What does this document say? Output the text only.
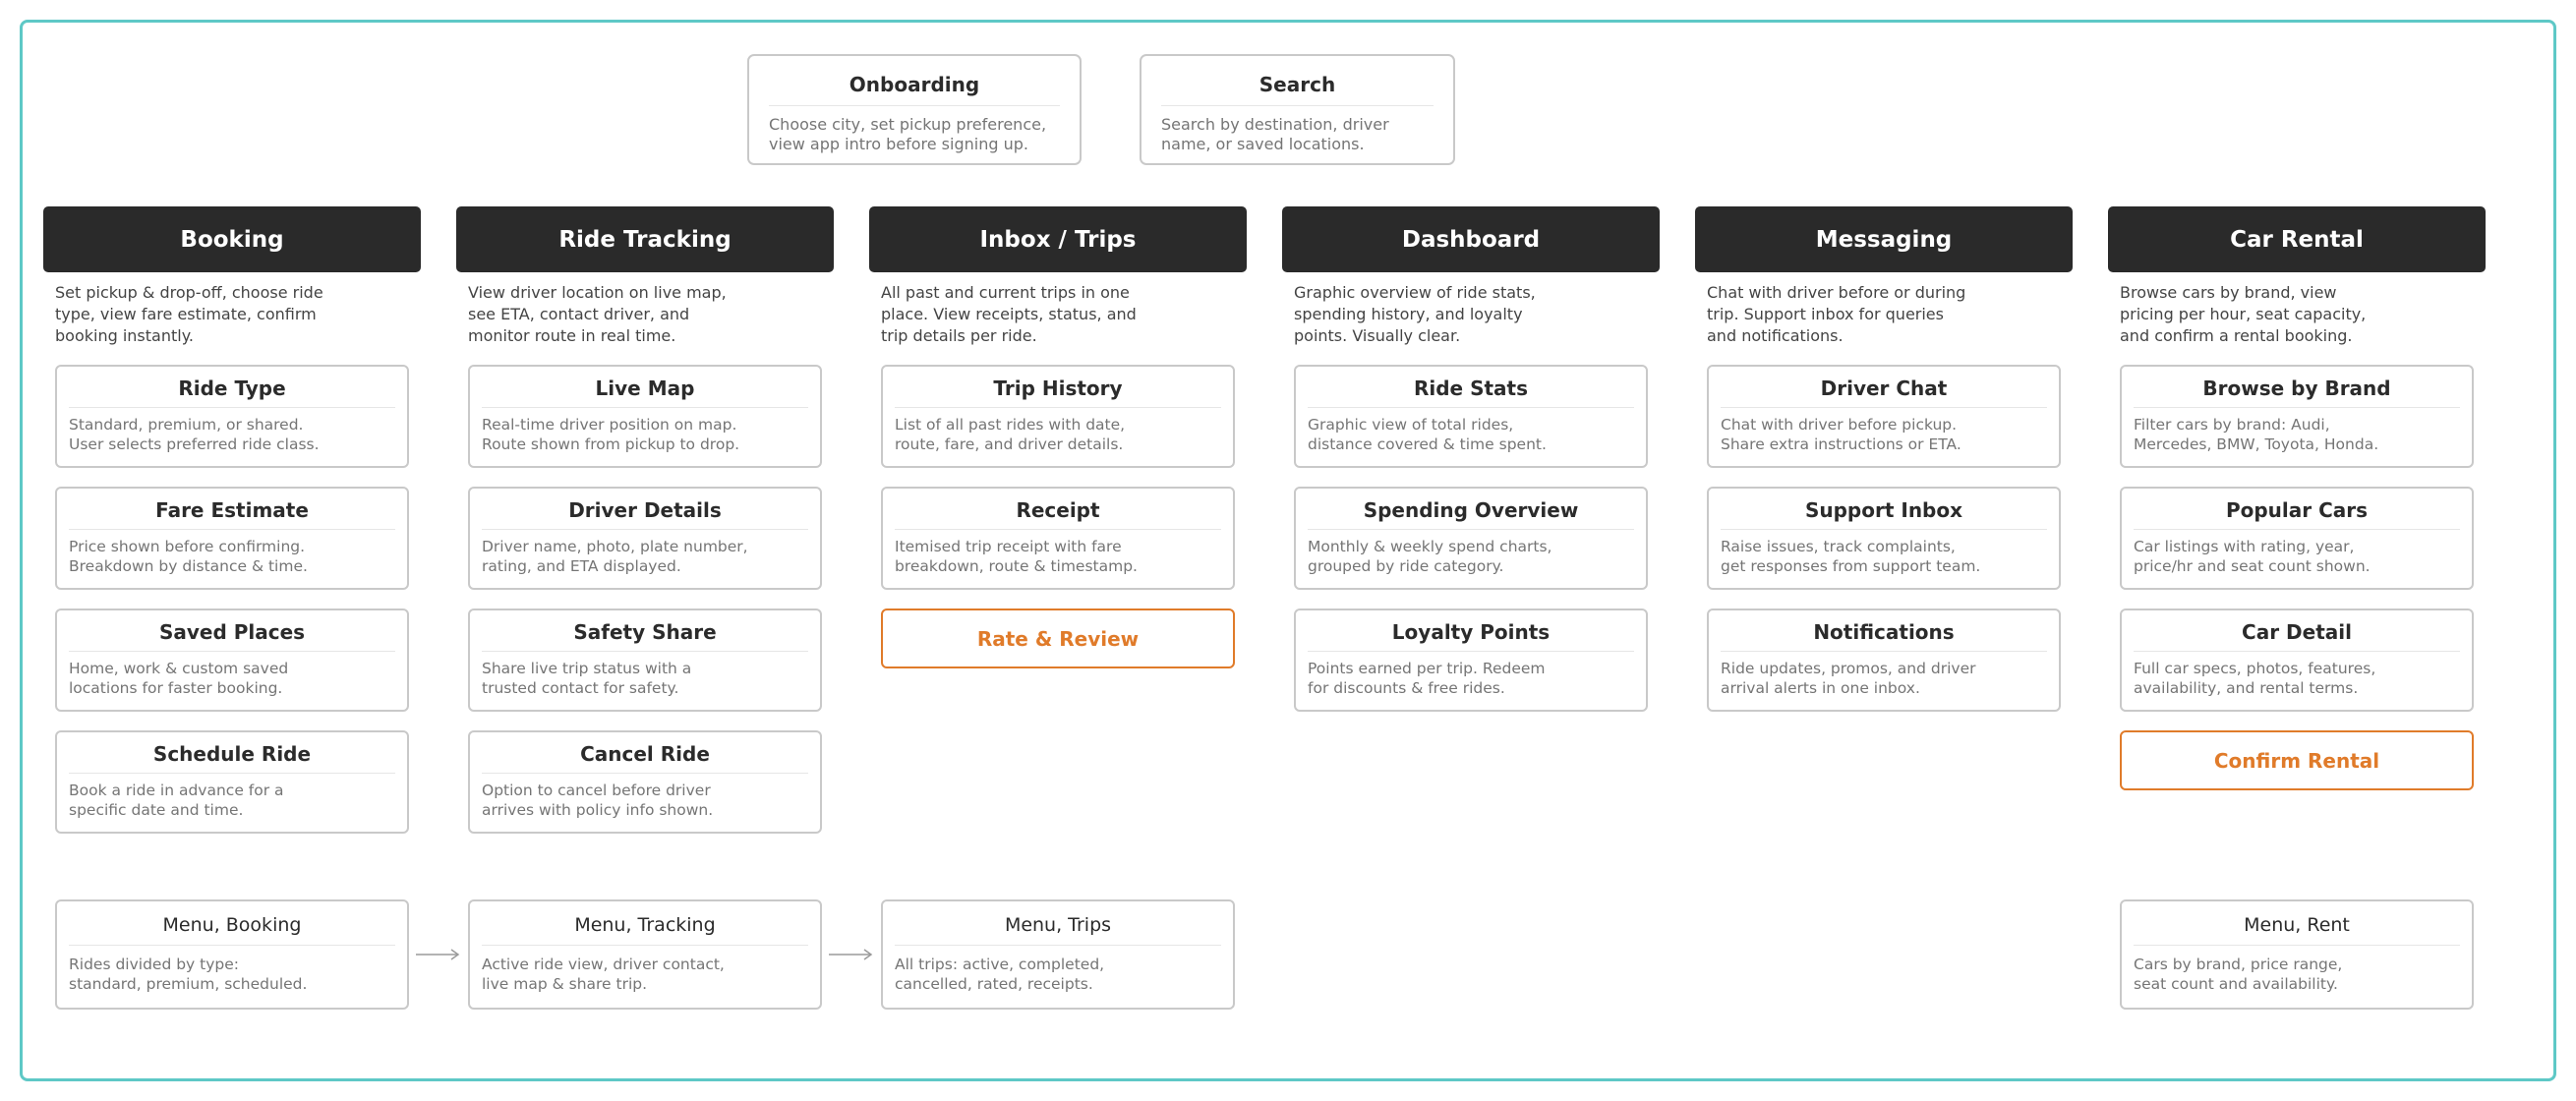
Onboarding
Choose city, set pickup preference,
view app intro before signing up.
Search
Search by destination, driver
name, or saved locations.
Booking
Set pickup & drop-off, choose ride
type, view fare estimate, confirm
booking instantly.
Ride Type
Standard, premium, or shared.
User selects preferred ride class.
Fare Estimate
Price shown before confirming.
Breakdown by distance & time.
Saved Places
Home, work & custom saved
locations for faster booking.
Schedule Ride
Book a ride in advance for a
specific date and time.
Ride Tracking
View driver location on live map,
see ETA, contact driver, and
monitor route in real time.
Live Map
Real-time driver position on map.
Route shown from pickup to drop.
Driver Details
Driver name, photo, plate number,
rating, and ETA displayed.
Safety Share
Share live trip status with a
trusted contact for safety.
Cancel Ride
Option to cancel before driver
arrives with policy info shown.
Inbox / Trips
All past and current trips in one
place. View receipts, status, and
trip details per ride.
Trip History
List of all past rides with date,
route, fare, and driver details.
Receipt
Itemised trip receipt with fare
breakdown, route & timestamp.
Rate & Review
Dashboard
Graphic overview of ride stats,
spending history, and loyalty
points. Visually clear.
Ride Stats
Graphic view of total rides,
distance covered & time spent.
Spending Overview
Monthly & weekly spend charts,
grouped by ride category.
Loyalty Points
Points earned per trip. Redeem
for discounts & free rides.
Messaging
Chat with driver before or during
trip. Support inbox for queries
and notifications.
Driver Chat
Chat with driver before pickup.
Share extra instructions or ETA.
Support Inbox
Raise issues, track complaints,
get responses from support team.
Notifications
Ride updates, promos, and driver
arrival alerts in one inbox.
Car Rental
Browse cars by brand, view
pricing per hour, seat capacity,
and confirm a rental booking.
Browse by Brand
Filter cars by brand: Audi,
Mercedes, BMW, Toyota, Honda.
Popular Cars
Car listings with rating, year,
price/hr and seat count shown.
Car Detail
Full car specs, photos, features,
availability, and rental terms.
Confirm Rental
Menu, Booking
Rides divided by type:
standard, premium, scheduled.
Menu, Tracking
Active ride view, driver contact,
live map & share trip.
Menu, Trips
All trips: active, completed,
cancelled, rated, receipts.
Menu, Rent
Cars by brand, price range,
seat count and availability.
